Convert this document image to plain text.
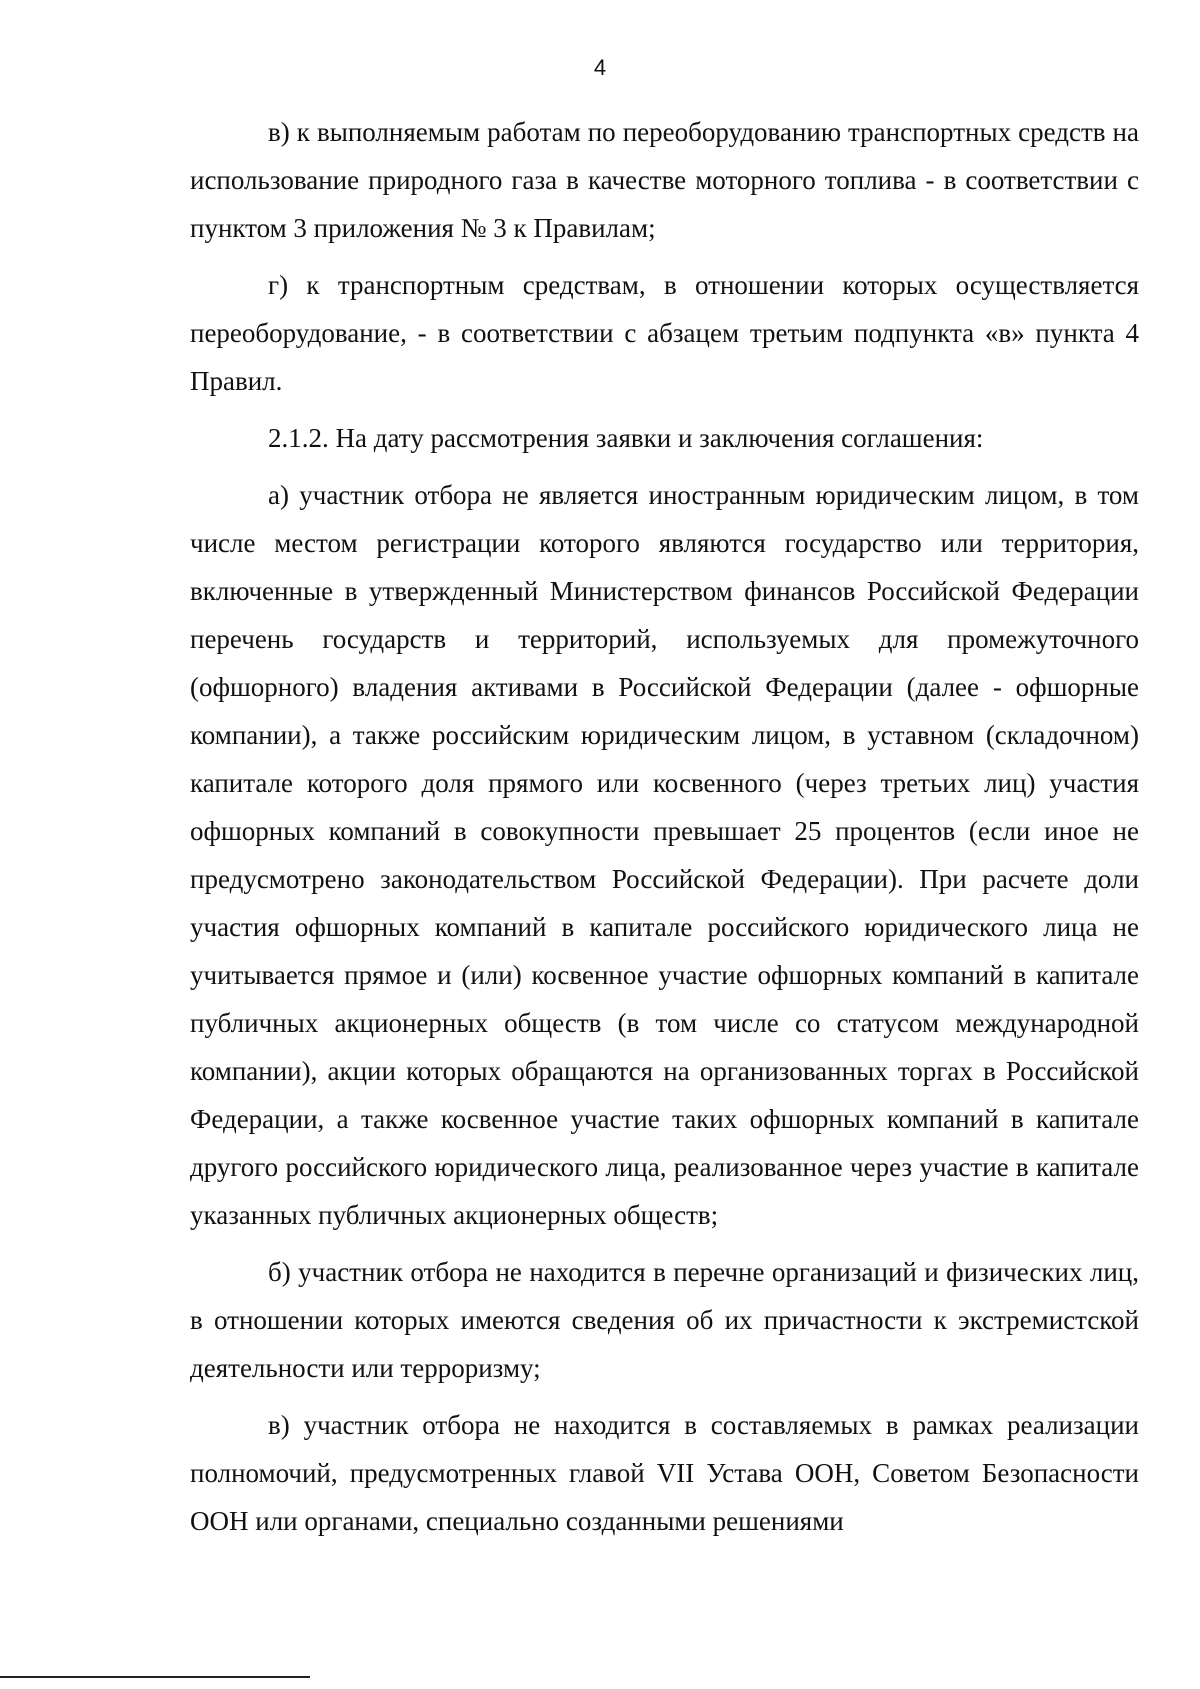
4

в) к выполняемым работам по переоборудованию транспортных средств на использование природного газа в качестве моторного топлива - в соответствии с пунктом 3 приложения № 3 к Правилам;

г) к транспортным средствам, в отношении которых осуществляется переоборудование, - в соответствии с абзацем третьим подпункта «в» пункта 4 Правил.

2.1.2. На дату рассмотрения заявки и заключения соглашения:

а) участник отбора не является иностранным юридическим лицом, в том числе местом регистрации которого являются государство или территория, включенные в утвержденный Министерством финансов Российской Федерации перечень государств и территорий, используемых для промежуточного (офшорного) владения активами в Российской Федерации (далее - офшорные компании), а также российским юридическим лицом, в уставном (складочном) капитале которого доля прямого или косвенного (через третьих лиц) участия офшорных компаний в совокупности превышает 25 процентов (если иное не предусмотрено законодательством Российской Федерации). При расчете доли участия офшорных компаний в капитале российского юридического лица не учитывается прямое и (или) косвенное участие офшорных компаний в капитале публичных акционерных обществ (в том числе со статусом международной компании), акции которых обращаются на организованных торгах в Российской Федерации, а также косвенное участие таких офшорных компаний в капитале другого российского юридического лица, реализованное через участие в капитале указанных публичных акционерных обществ;

б) участник отбора не находится в перечне организаций и физических лиц, в отношении которых имеются сведения об их причастности к экстремистской деятельности или терроризму;

в) участник отбора не находится в составляемых в рамках реализации полномочий, предусмотренных главой VII Устава ООН, Советом Безопасности ООН или органами, специально созданными решениями
